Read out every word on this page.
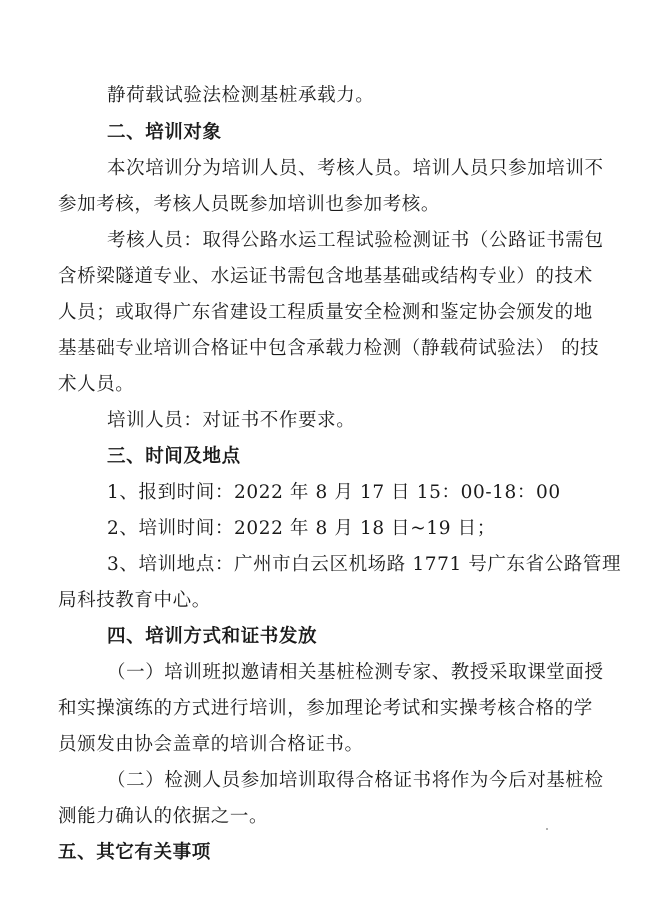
静荷载试验法检测基桩承载力。
二、培训对象
本次培训分为培训人员、考核人员。培训人员只参加培训不
参加考核，考核人员既参加培训也参加考核。
考核人员：取得公路水运工程试验检测证书（公路证书需包
含桥梁隧道专业、水运证书需包含地基基础或结构专业）的技术
人员；或取得广东省建设工程质量安全检测和鉴定协会颁发的地
基基础专业培训合格证中包含承载力检测（静载荷试验法） 的技
术人员。
培训人员：对证书不作要求。
三、时间及地点
1、报到时间：2022 年 8 月 17 日 15：00-18：00
2、培训时间：2022 年 8 月 18 日~19 日；
3、培训地点：广州市白云区机场路 1771 号广东省公路管理
局科技教育中心。
四、培训方式和证书发放
（一）培训班拟邀请相关基桩检测专家、教授采取课堂面授
和实操演练的方式进行培训，参加理论考试和实操考核合格的学
员颁发由协会盖章的培训合格证书。
（二）检测人员参加培训取得合格证书将作为今后对基桩检
测能力确认的依据之一。
五、其它有关事项
